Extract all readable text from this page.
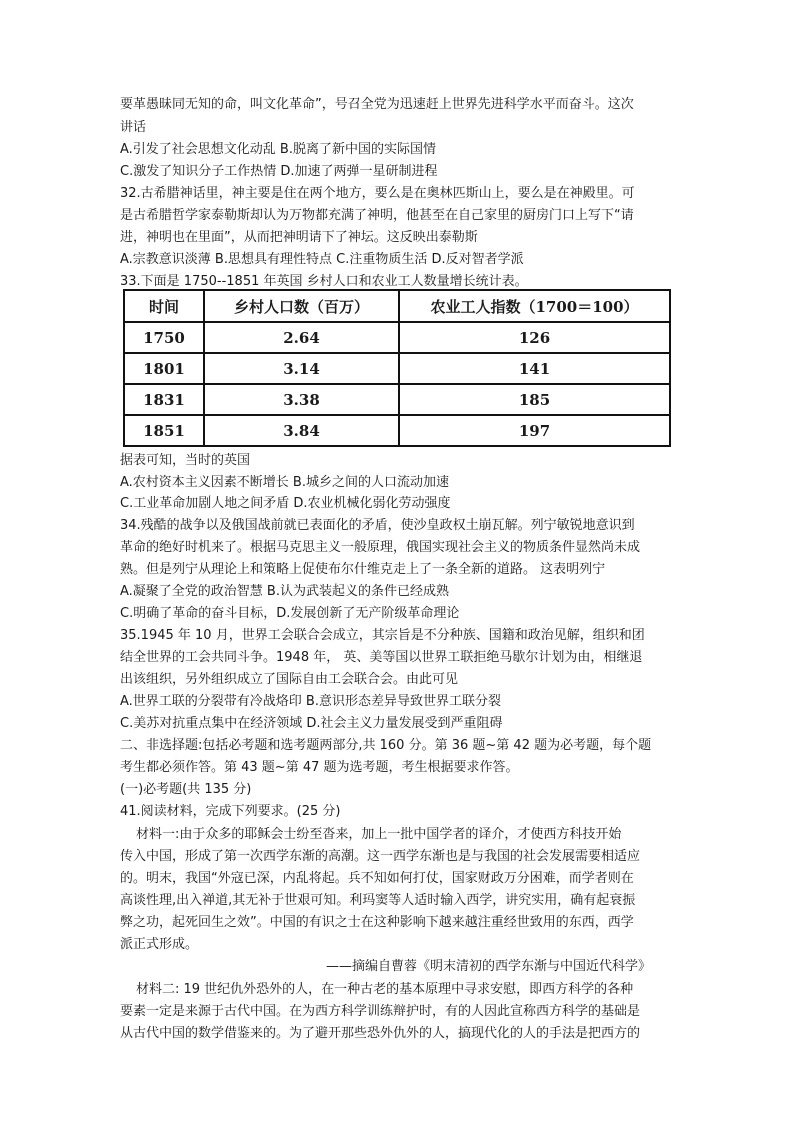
要革愚昧同无知的命，叫文化革命”，号召全党为迅速赶上世界先进科学水平而奋斗。这次
讲话
A.引发了社会思想文化动乱 B.脱离了新中国的实际国情
C.激发了知识分子工作热情 D.加速了两弹一星研制进程
32.古希腊神话里，神主要是住在两个地方，要么是在奥林匹斯山上，要么是在神殿里。可
是古希腊哲学家泰勒斯却认为万物都充满了神明，他甚至在自己家里的厨房门口上写下“请
进，神明也在里面”，从而把神明请下了神坛。这反映出泰勒斯
A.宗教意识淡薄 B.思想具有理性特点 C.注重物质生活 D.反对智者学派
33.下面是 1750--1851 年英国 乡村人口和农业工人数量增长统计表。
时间	乡村人口数（百万）	农业工人指数（1700＝100）
1750	2.64	126
1801	3.14	141
1831	3.38	185
1851	3.84	197
据表可知，当时的英国
A.农村资本主义因素不断增长 B.城乡之间的人口流动加速
C.工业革命加剧人地之间矛盾 D.农业机械化弱化劳动强度
34.残酷的战争以及俄国战前就已表面化的矛盾，使沙皇政权土崩瓦解。列宁敏锐地意识到
革命的绝好时机来了。根据马克思主义一般原理，俄国实现社会主义的物质条件显然尚未成
熟。但是列宁从理论上和策略上促使布尔什维克走上了一条全新的道路。 这表明列宁
A.凝聚了全党的政治智慧 B.认为武装起义的条件已经成熟
C.明确了革命的奋斗目标，D.发展创新了无产阶级革命理论
35.1945 年 10 月，世界工会联合会成立，其宗旨是不分种族、国籍和政治见解，组织和团
结全世界的工会共同斗争。1948 年， 英、美等国以世界工联拒绝马歇尔计划为由，相继退
出该组织，另外组织成立了国际自由工会联合会。由此可见
A.世界工联的分裂带有冷战烙印 B.意识形态差异导致世界工联分裂
C.美苏对抗重点集中在经济领域 D.社会主义力量发展受到严重阻碍
二、非选择题:包括必考题和选考题两部分,共 160 分。第 36 题~第 42 题为必考题，每个题
考生都必须作答。第 43 题~第 47 题为选考题，考生根据要求作答。
(一)必考题(共 135 分)
41.阅读材料，完成下列要求。(25 分)
材料一:由于众多的耶稣会士纷至沓来，加上一批中国学者的译介，才使西方科技开始
传入中国，形成了第一次西学东渐的高潮。这一西学东渐也是与我国的社会发展需要相适应
的。明末，我国“外寇已深，内乱将起。兵不知如何打仗，国家财政万分困难，而学者则在
高谈性理,出入禅道,其无补于世艰可知。利玛窦等人适时输入西学，讲究实用，确有起衰振
弊之功，起死回生之效”。中国的有识之士在这种影响下越来越注重经世致用的东西，西学
派正式形成。
——摘编自曹蓉《明末清初的西学东渐与中国近代科学》
材料二: 19 世纪仇外恐外的人，在一种古老的基本原理中寻求安慰，即西方科学的各种
要素一定是来源于古代中国。在为西方科学训练辩护时，有的人因此宣称西方科学的基础是
从古代中国的数学借鉴来的。为了避开那些恐外仇外的人，搞现代化的人的手法是把西方的
